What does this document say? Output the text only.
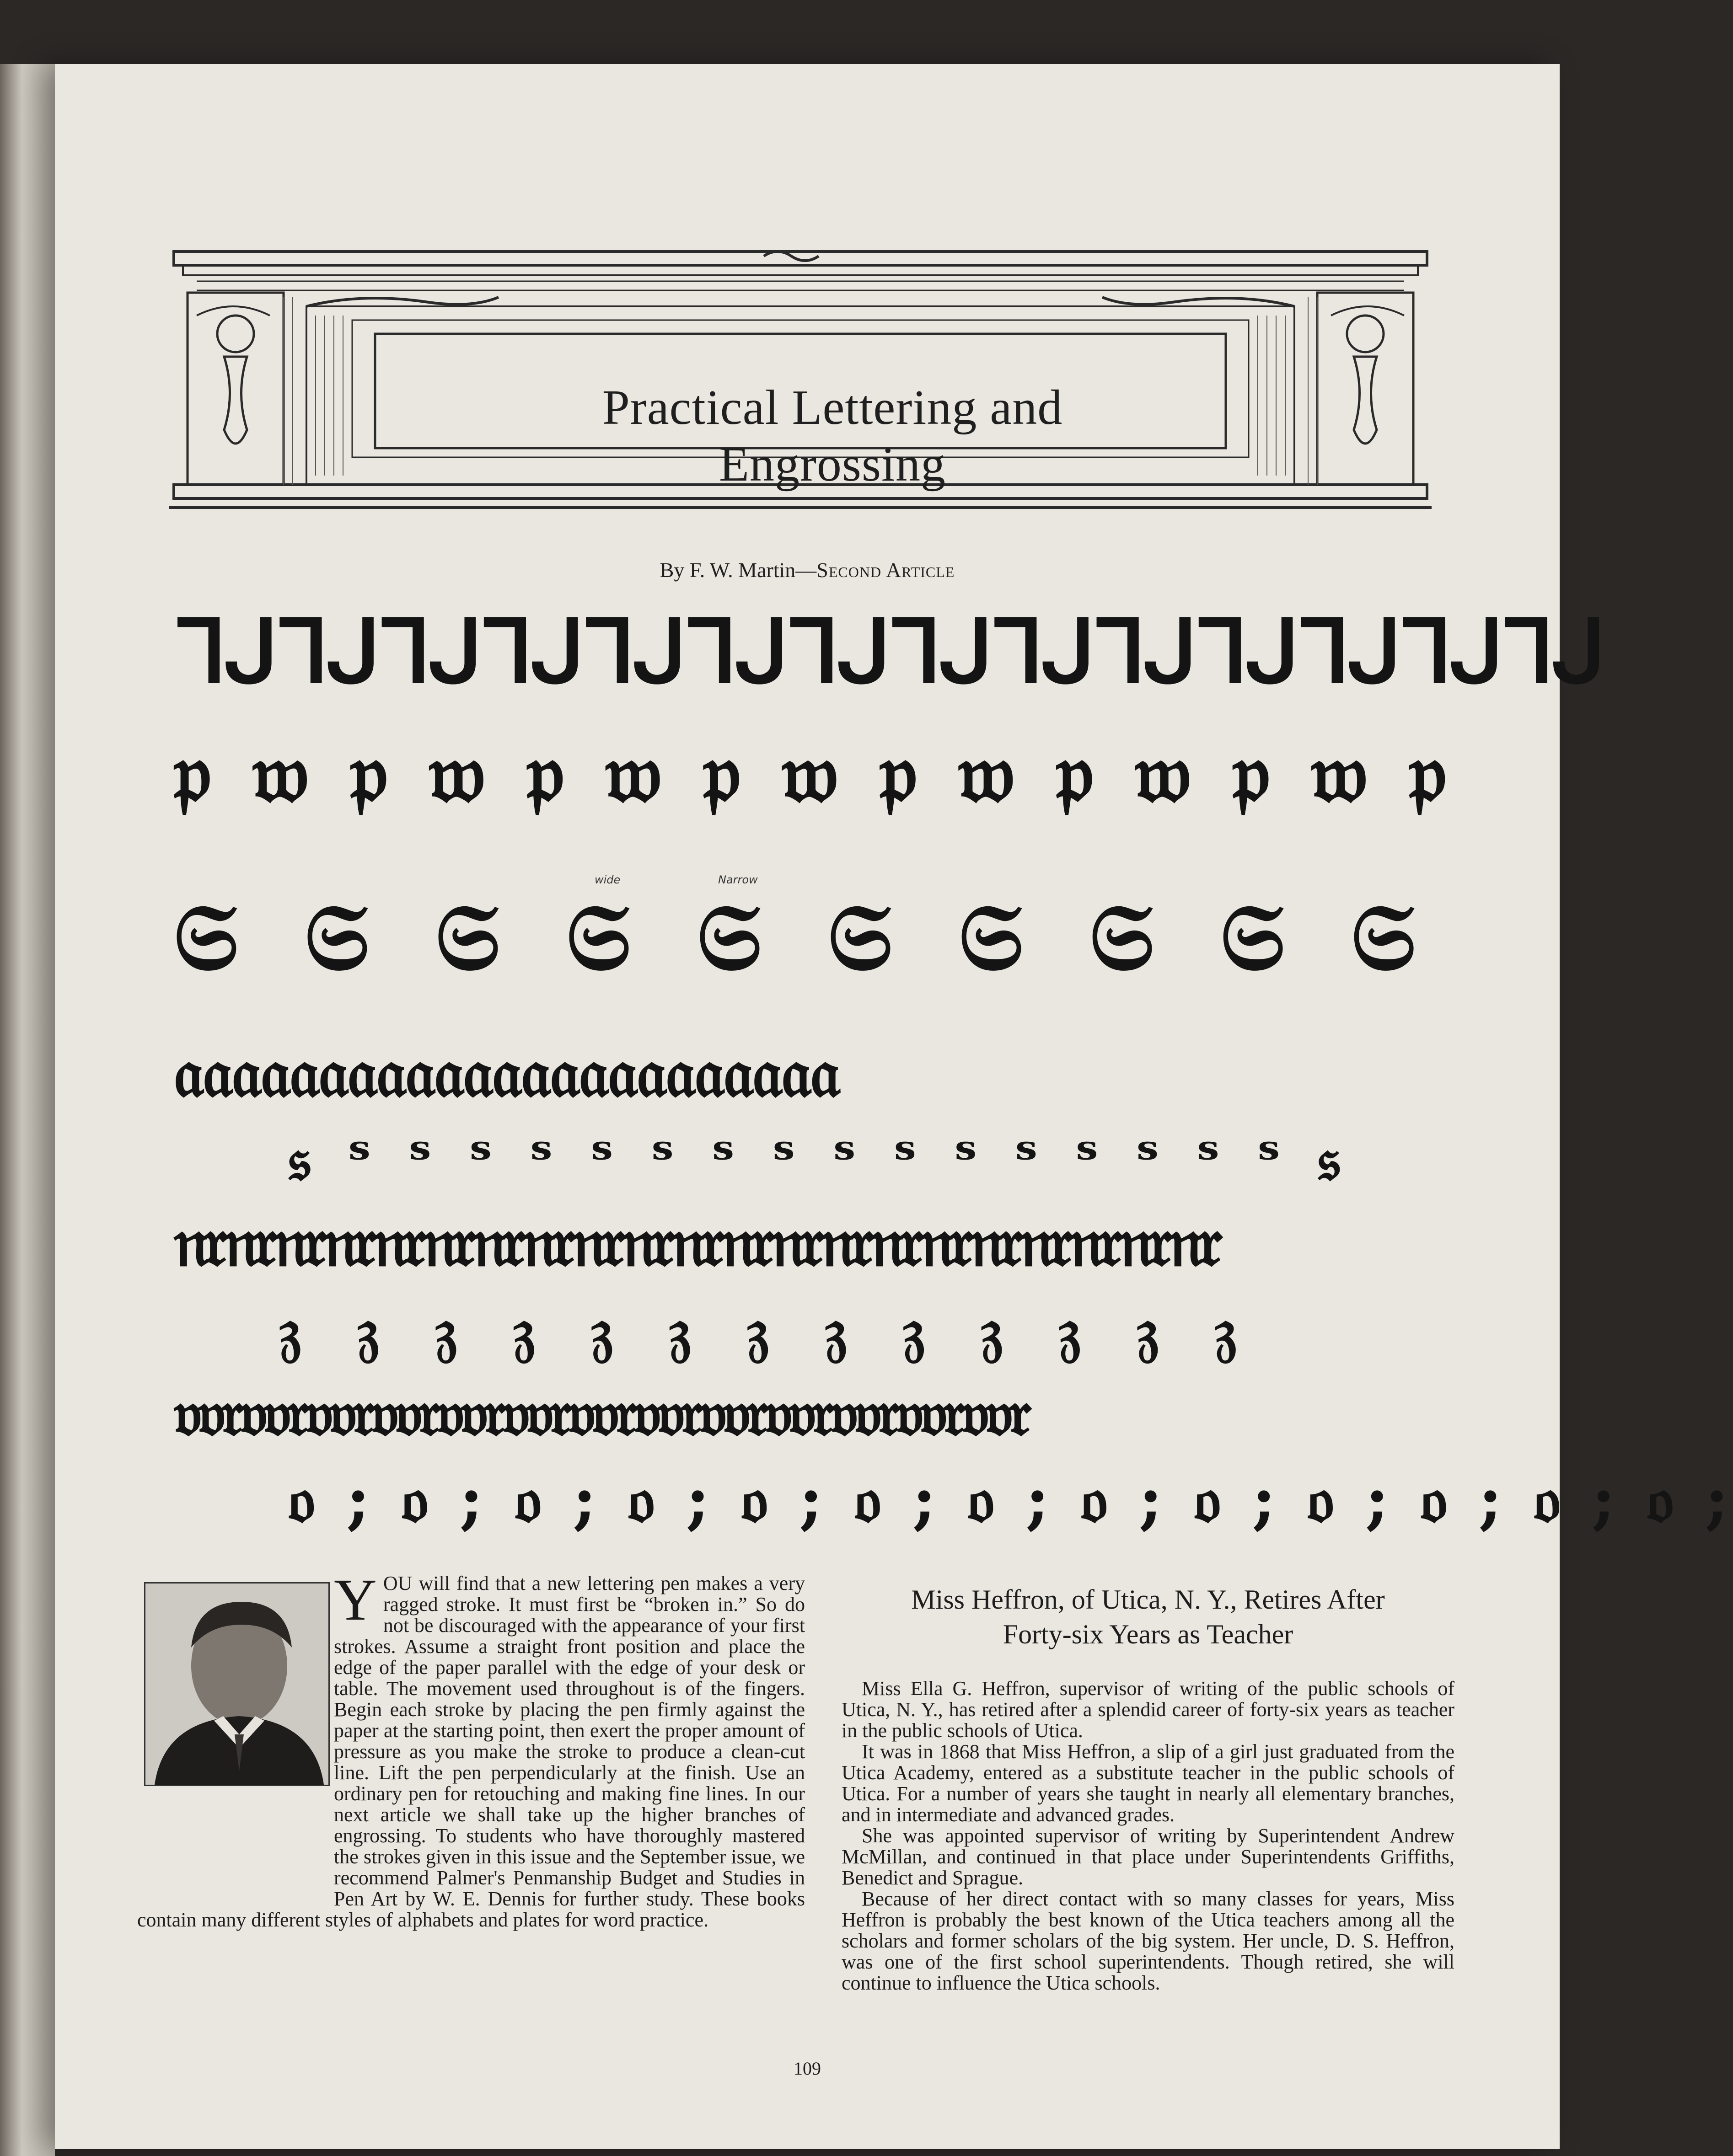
Practical Lettering and Engrossing
By F. W. Martin—Second Article
ᒣᒍᒣᒍᒣᒍᒣᒍᒣᒍᒣᒍᒣᒍᒣᒍᒣᒍᒣᒍᒣᒍᒣᒍᒣᒍᒣᒍ
𝔭 𝔴 𝔭 𝔴 𝔭 𝔴 𝔭 𝔴 𝔭 𝔴 𝔭 𝔴 𝔭 𝔴 𝔭
wide	Narrow
𝔖 𝔖 𝔖 𝔖 𝔖 𝔖 𝔖 𝔖 𝔖 𝔖
𝔞𝔞𝔞𝔞𝔞𝔞𝔞𝔞𝔞𝔞𝔞𝔞𝔞𝔞𝔞𝔞𝔞𝔞𝔞𝔞𝔞𝔞𝔞
𝔰 ˢ ˢ ˢ ˢ ˢ ˢ ˢ ˢ ˢ ˢ ˢ ˢ ˢ ˢ ˢ ˢ 𝔰
𝔫𝔯𝔫𝔯𝔫𝔯𝔫𝔯𝔫𝔯𝔫𝔯𝔫𝔯𝔫𝔯𝔫𝔯𝔫𝔯𝔫𝔯𝔫𝔯𝔫𝔯𝔫𝔯𝔫𝔯𝔫𝔯𝔫𝔯𝔫𝔯𝔫𝔯𝔫𝔯𝔫𝔯
𝔷 𝔷 𝔷 𝔷 𝔷 𝔷 𝔷 𝔷 𝔷 𝔷 𝔷 𝔷 𝔷
𝔳𝔳𝔯𝔳𝔳𝔯𝔳𝔳𝔯𝔳𝔳𝔯𝔳𝔳𝔯𝔳𝔳𝔯𝔳𝔳𝔯𝔳𝔳𝔯𝔳𝔳𝔯𝔳𝔳𝔯𝔳𝔳𝔯𝔳𝔳𝔯𝔳𝔳𝔯
𝔬 ; 𝔬 ; 𝔬 ; 𝔬 ; 𝔬 ; 𝔬 ; 𝔬 ; 𝔬 ; 𝔬 ; 𝔬 ; 𝔬 ; 𝔬 ; 𝔬 ;
YOU will find that a new lettering pen makes a very ragged stroke. It must first be “broken in.” So do not be discouraged with the appearance of your first strokes. Assume a straight front position and place the edge of the paper parallel with the edge of your desk or table. The movement used throughout is of the fingers. Begin each stroke by placing the pen firmly against the paper at the starting point, then exert the proper amount of pressure as you make the stroke to produce a clean-cut line. Lift the pen perpendicularly at the finish. Use an ordinary pen for retouching and making fine lines. In our next article we shall take up the higher branches of engrossing. To students who have thoroughly mastered the strokes given in this issue and the September issue, we recommend Palmer's Penmanship Budget and Studies in Pen Art by W. E. Dennis for further study. These books contain many different styles of alphabets and plates for word practice.
Miss Heffron, of Utica, N. Y., Retires After
Forty-six Years as Teacher

Miss Ella G. Heffron, supervisor of writing of the public schools of Utica, N. Y., has retired after a splendid career of forty-six years as teacher in the public schools of Utica.

It was in 1868 that Miss Heffron, a slip of a girl just graduated from the Utica Academy, entered as a substitute teacher in the public schools of Utica. For a number of years she taught in nearly all elementary branches, and in intermediate and advanced grades.

She was appointed supervisor of writing by Superintendent Andrew McMillan, and continued in that place under Superintendents Griffiths, Benedict and Sprague.

Because of her direct contact with so many classes for years, Miss Heffron is probably the best known of the Utica teachers among all the scholars and former scholars of the big system. Her uncle, D. S. Heffron, was one of the first school superintendents. Though retired, she will continue to influence the Utica schools.

109
